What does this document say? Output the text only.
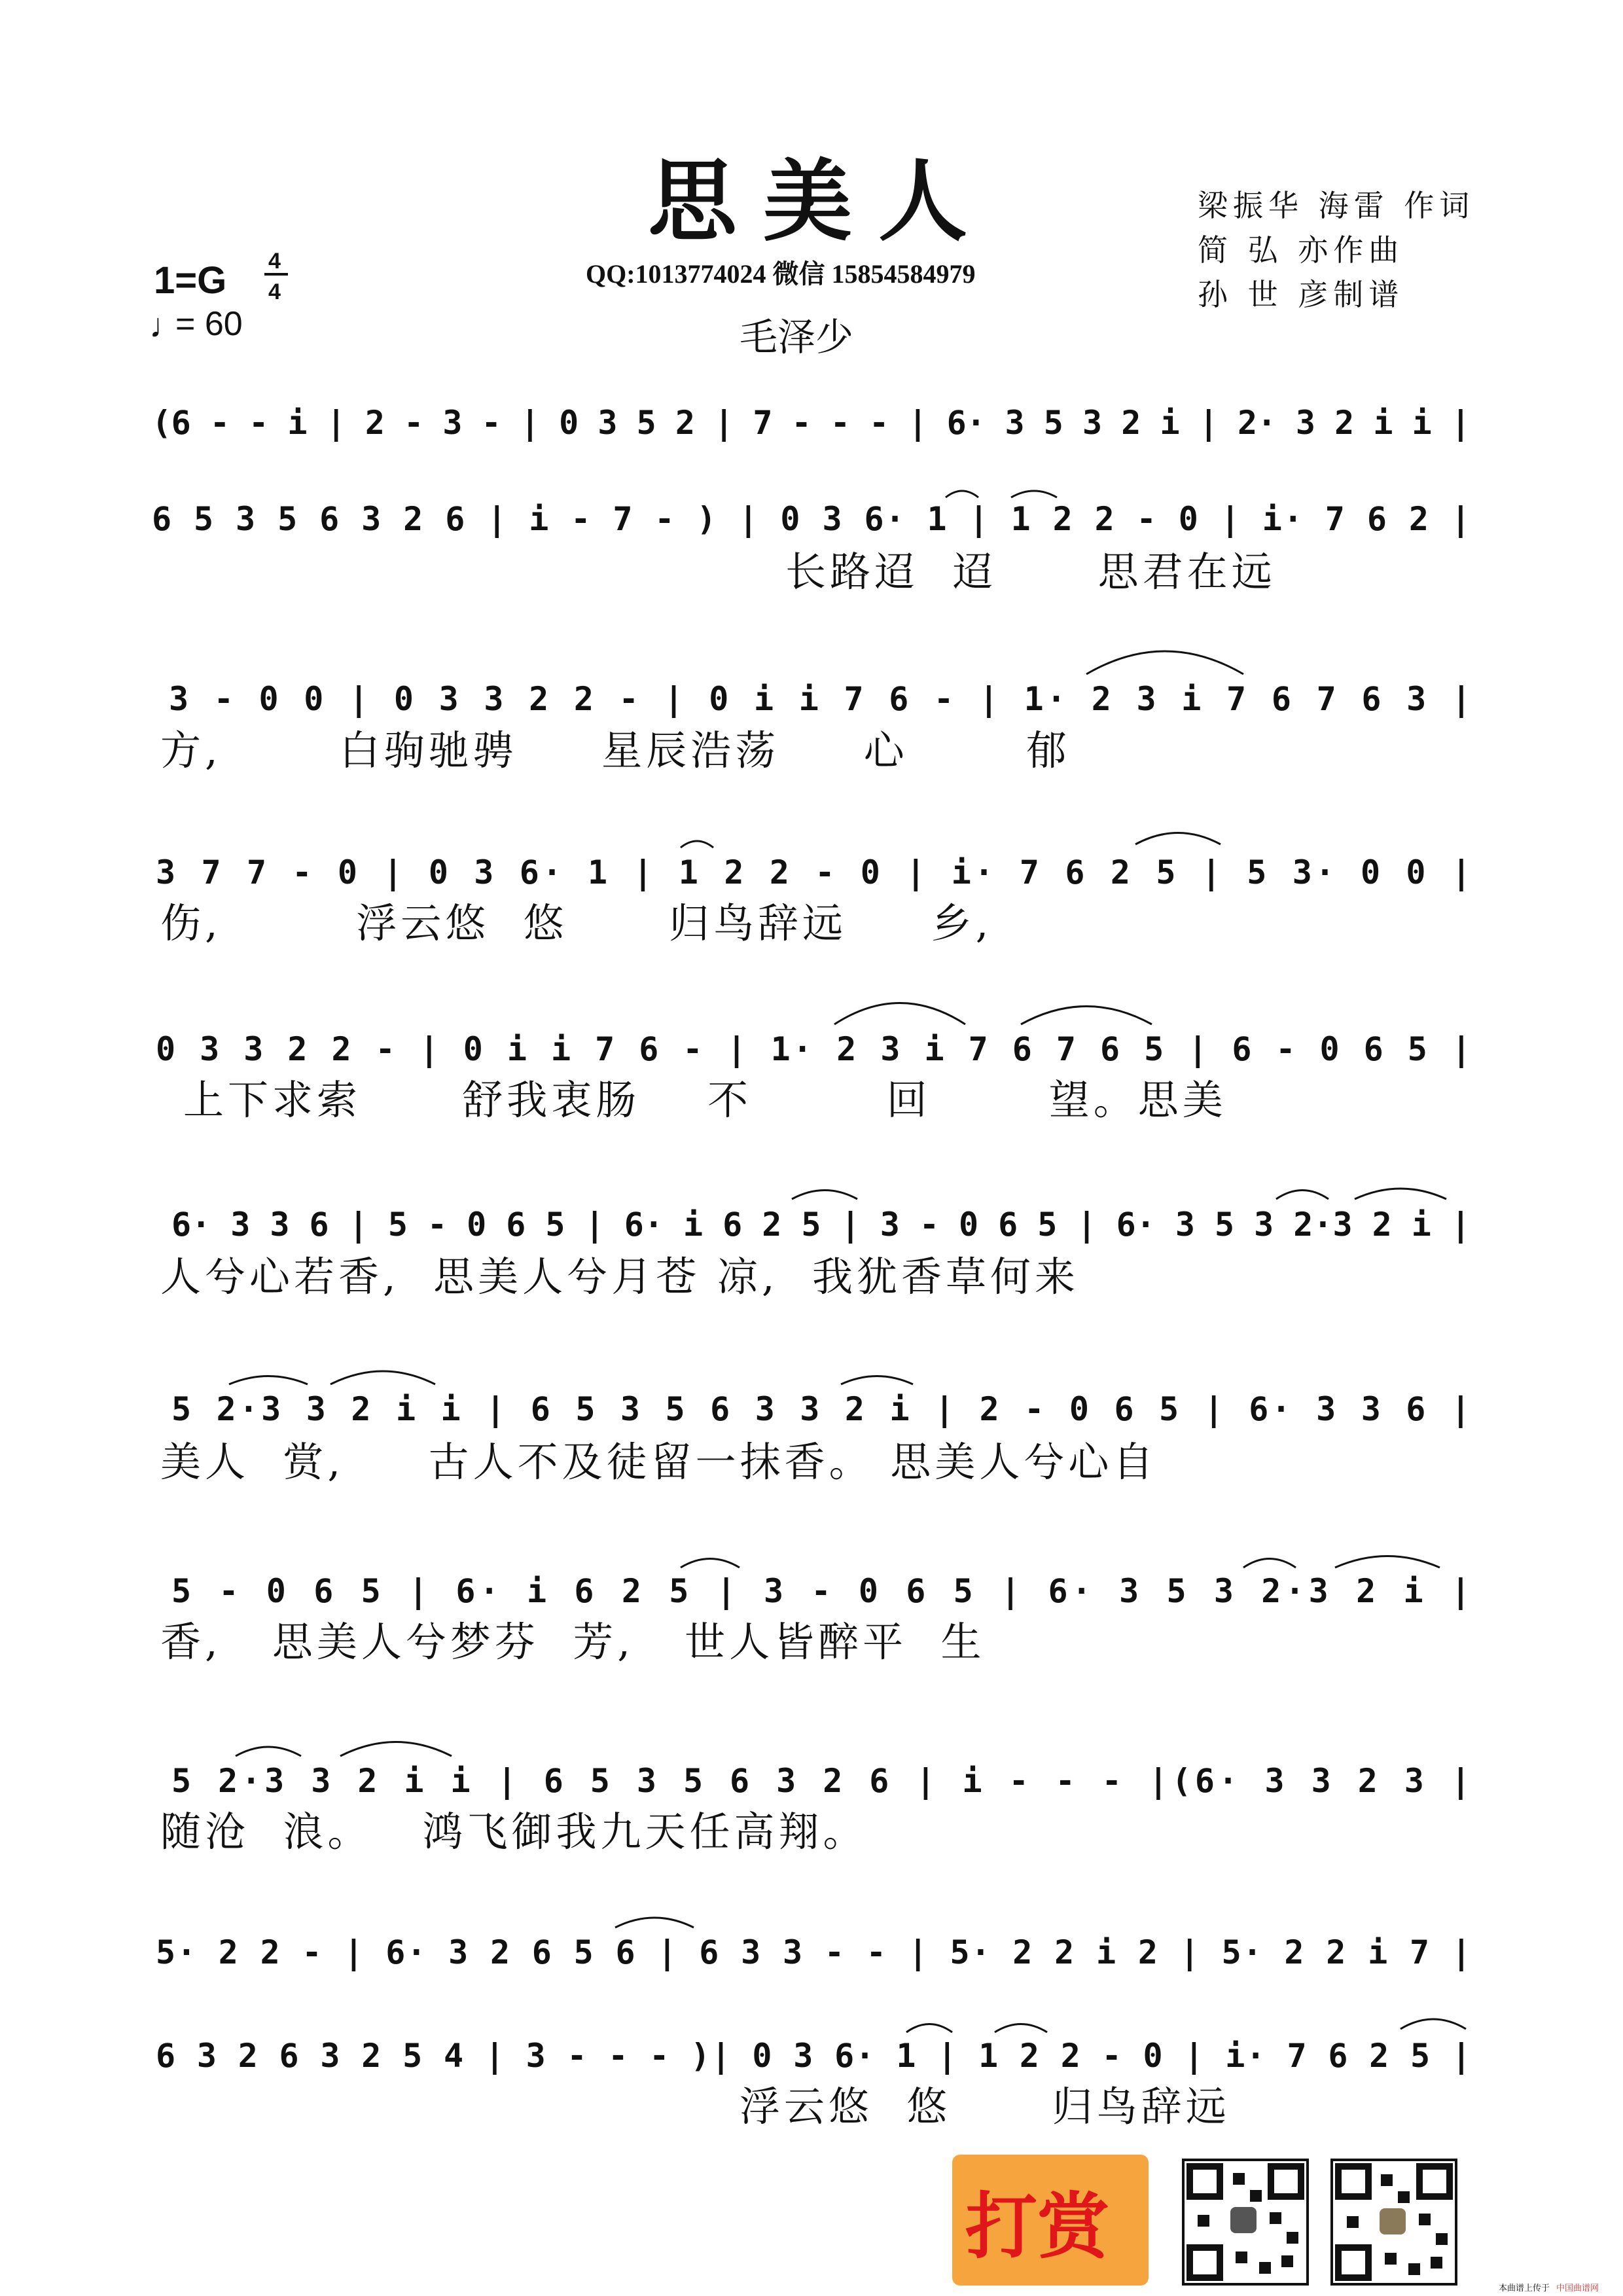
思美人
QQ:1013774024 微信 15854584979
毛泽少
梁振华 海雷 作词
简 弘 亦作曲
孙 世 彦制谱
1=G 4
4
♩
= 60
(6 - - i | 2 - 3 - | 0 3 5 2 | 7 - - - | 6· 3 5 3 2 i | 2· 3 2 i i |
6 5 3 5 6 3 2 6 | i - 7 - ) | 0 3 6· 1 | 1 2 2 - 0 | i· 7 6 2 |
长路迢  迢      思君在远
3 - 0 0 | 0 3 3 2 2 - | 0 i i 7 6 - | 1· 2 3 i 7 6 7 6 3 |
方,       白驹驰骋     星辰浩荡     心       郁
3 7 7 - 0 | 0 3 6· 1 | 1 2 2 - 0 | i· 7 6 2 5 | 5 3· 0 0 |
伤,        浮云悠  悠      归鸟辞远     乡,
0 3 3 2 2 - | 0 i i 7 6 - | 1· 2 3 i 7 6 7 6 5 | 6 - 0 6 5 |
上下求索      舒我衷肠    不        回       望。思美
6· 3 3 6 | 5 - 0 6 5 | 6· i 6 2 5 | 3 - 0 6 5 | 6· 3 5 3 2·3 2 i |
人兮心若香,  思美人兮月苍 凉,  我犹香草何来
5 2·3 3 2 i i | 6 5 3 5 6 3 3 2 i | 2 - 0 6 5 | 6· 3 3 6 |
美人  赏,     古人不及徒留一抹香。 思美人兮心自
5 - 0 6 5 | 6· i 6 2 5 | 3 - 0 6 5 | 6· 3 5 3 2·3 2 i |
香,   思美人兮梦芬  芳,   世人皆醉平  生
5 2·3 3 2 i i | 6 5 3 5 6 3 2 6 | i - - - |(6· 3 3 2 3 |
随沧  浪。   鸿飞御我九天任高翔。
5· 2 2 - | 6· 3 2 6 5 6 | 6 3 3 - - | 5· 2 2 i 2 | 5· 2 2 i 7 |
6 3 2 6 3 2 5 4 | 3 - - - )| 0 3 6· 1 | 1 2 2 - 0 | i· 7 6 2 5 |
浮云悠  悠      归鸟辞远
打赏
本曲谱上传于 中国曲谱网
